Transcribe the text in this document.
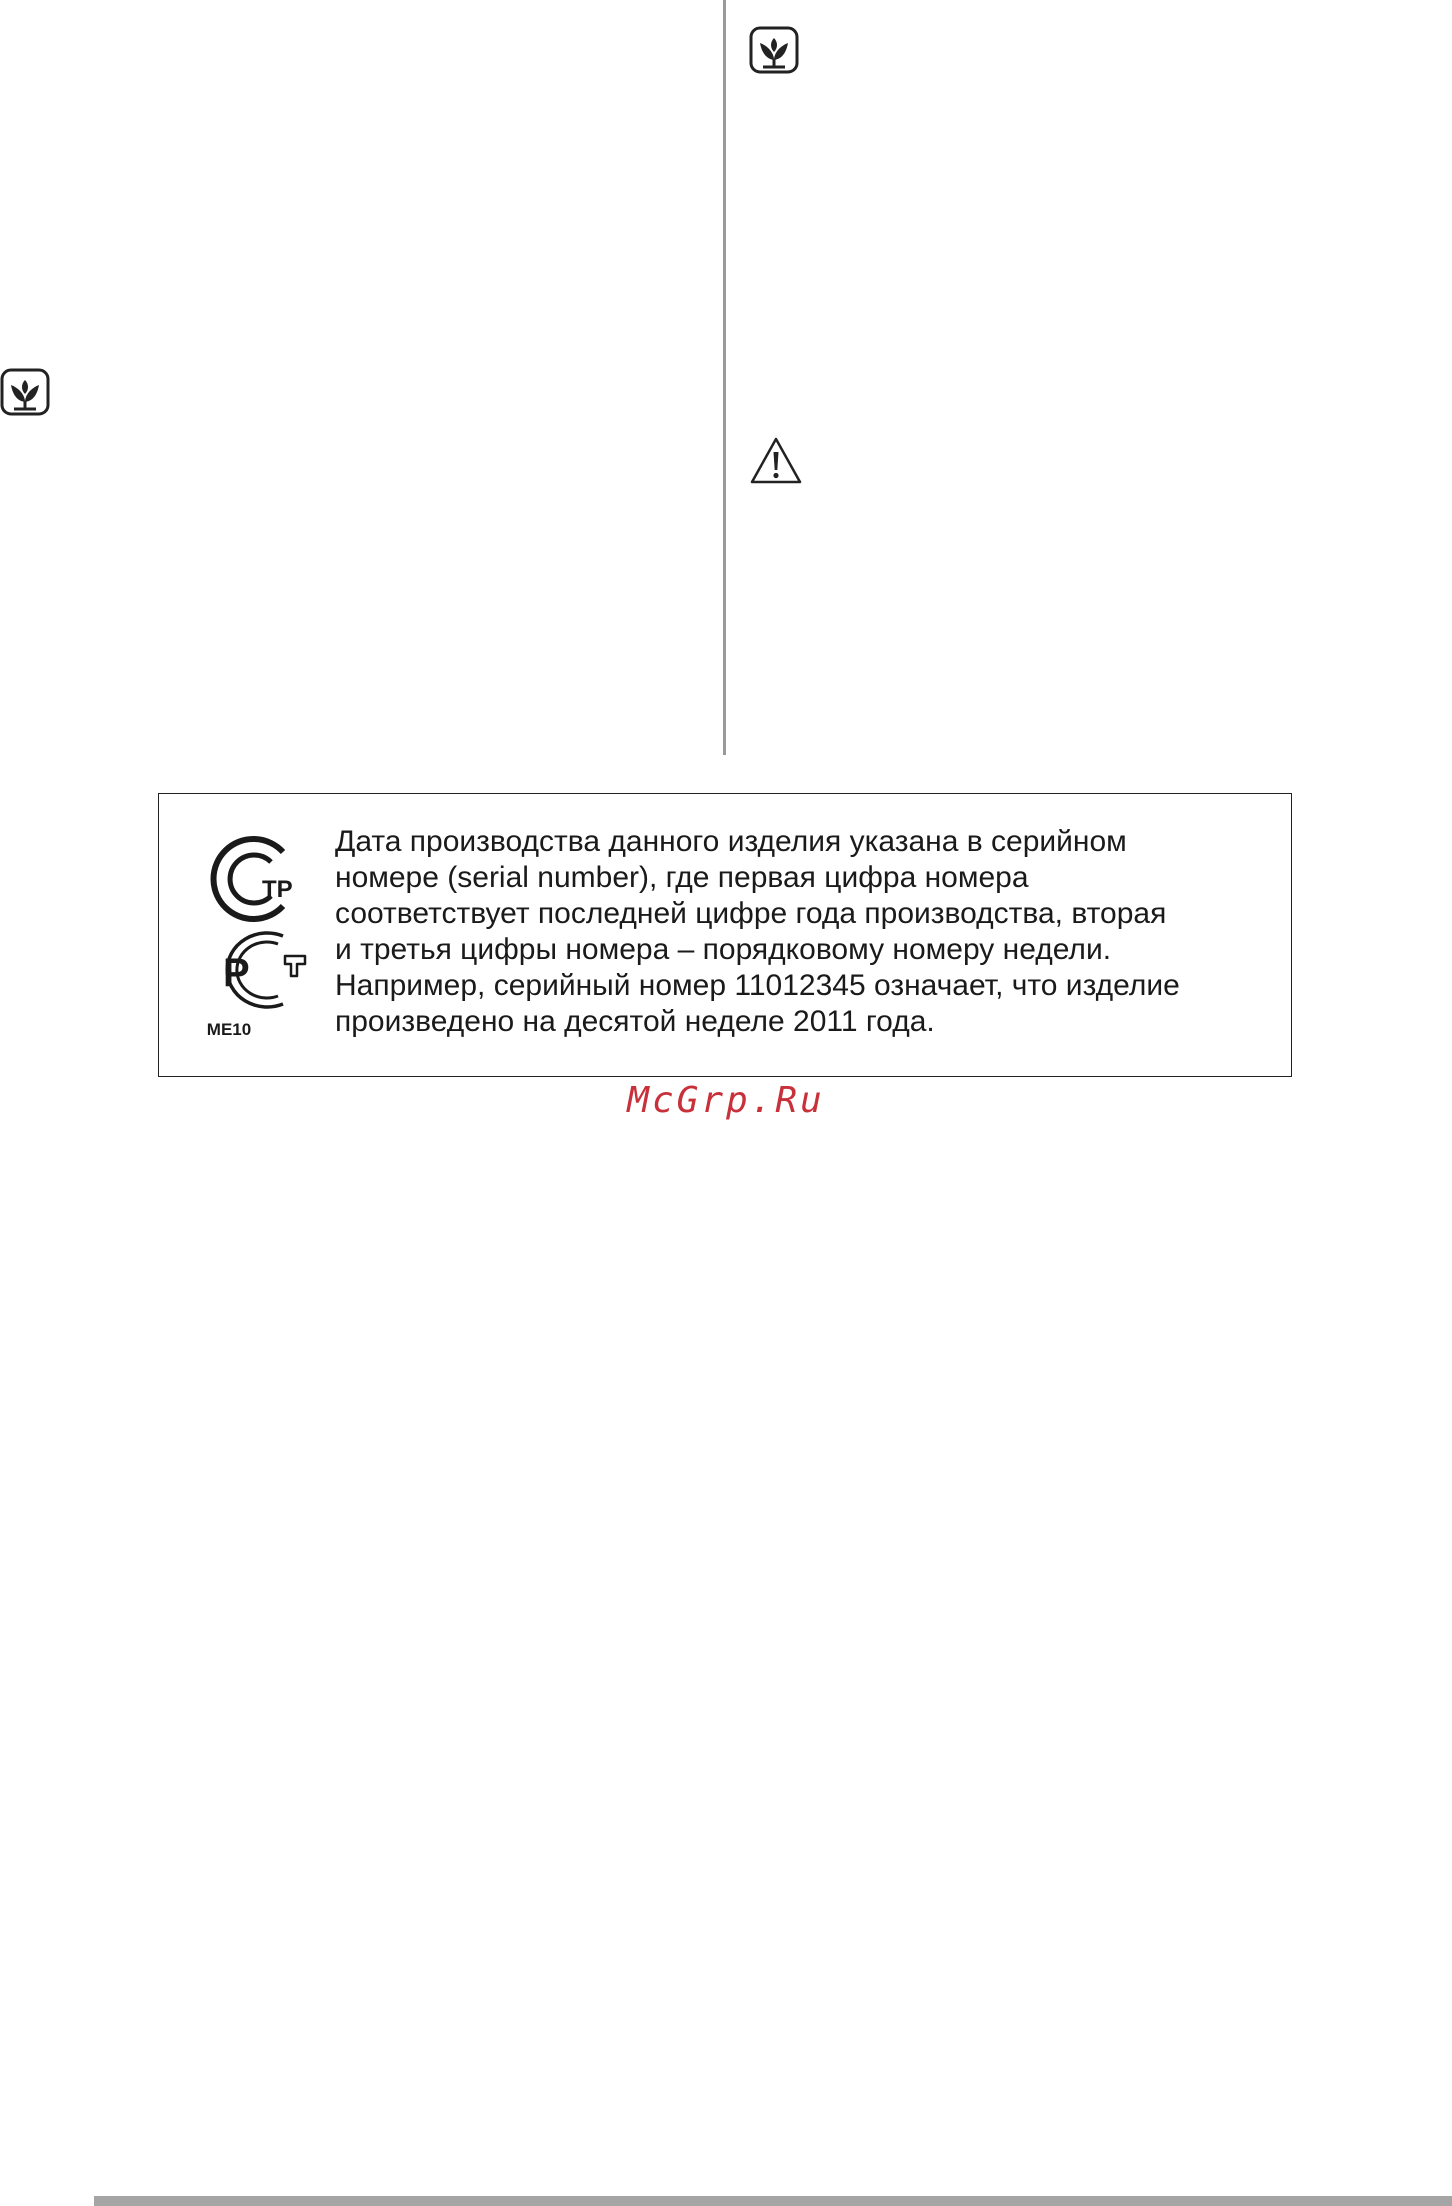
ТР
Р
МЕ10

Дата производства данного изделия указана в серийном
номере (serial number), где первая цифра номера
соответствует последней цифре года производства, вторая
и третья цифры номера – порядковому номеру недели.
Например, серийный номер 11012345 означает, что изделие
произведено на десятой неделе 2011 года.

McGrp.Ru
